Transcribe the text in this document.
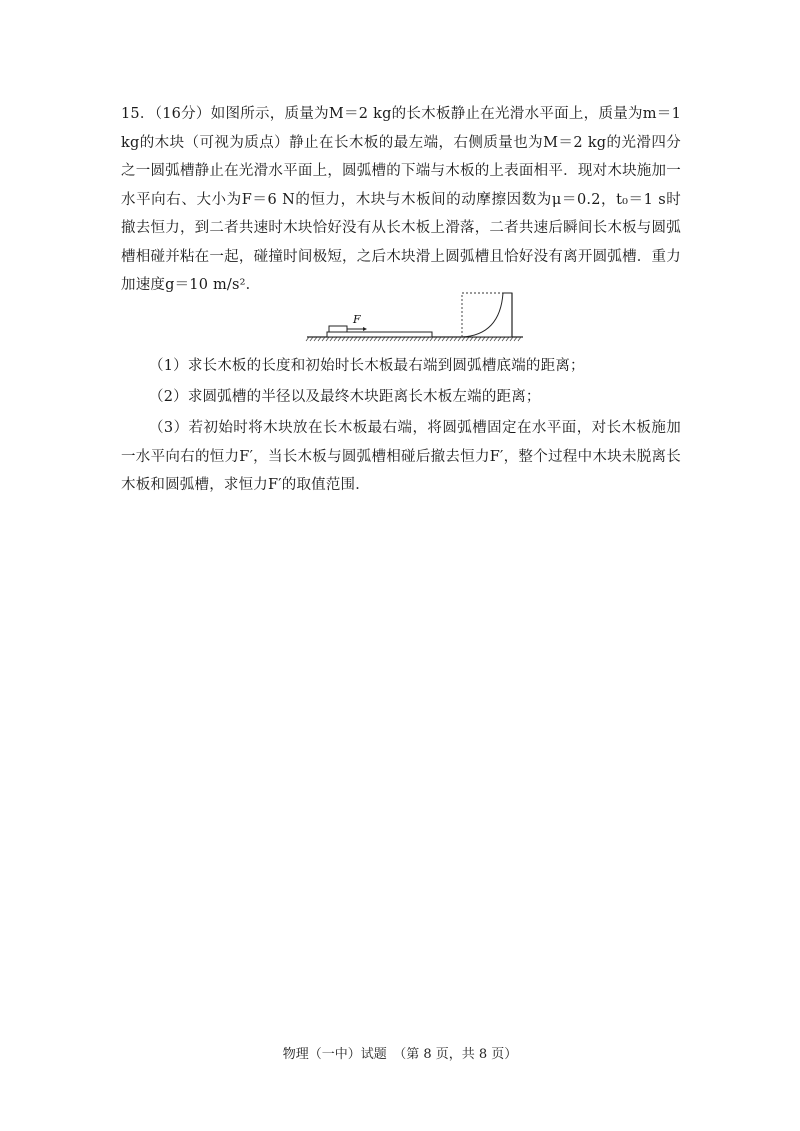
15．（16分）如图所示，质量为M＝2 kg的长木板静止在光滑水平面上，质量为m＝1 kg的木块（可视为质点）静止在长木板的最左端，右侧质量也为M＝2 kg的光滑四分之一圆弧槽静止在光滑水平面上，圆弧槽的下端与木板的上表面相平．现对木块施加一水平向右、大小为F＝6 N的恒力，木块与木板间的动摩擦因数为μ＝0.2，t₀＝1 s时撤去恒力，到二者共速时木块恰好没有从长木板上滑落，二者共速后瞬间长木板与圆弧槽相碰并粘在一起，碰撞时间极短，之后木块滑上圆弧槽且恰好没有离开圆弧槽．重力加速度g＝10 m/s²．
F
（1）求长木板的长度和初始时长木板最右端到圆弧槽底端的距离；
（2）求圆弧槽的半径以及最终木块距离长木板左端的距离；
（3）若初始时将木块放在长木板最右端，将圆弧槽固定在水平面，对长木板施加一水平向右的恒力F′，当长木板与圆弧槽相碰后撤去恒力F′，整个过程中木块未脱离长木板和圆弧槽，求恒力F′的取值范围．
物理（一中）试题　（第 8 页，共 8 页）
